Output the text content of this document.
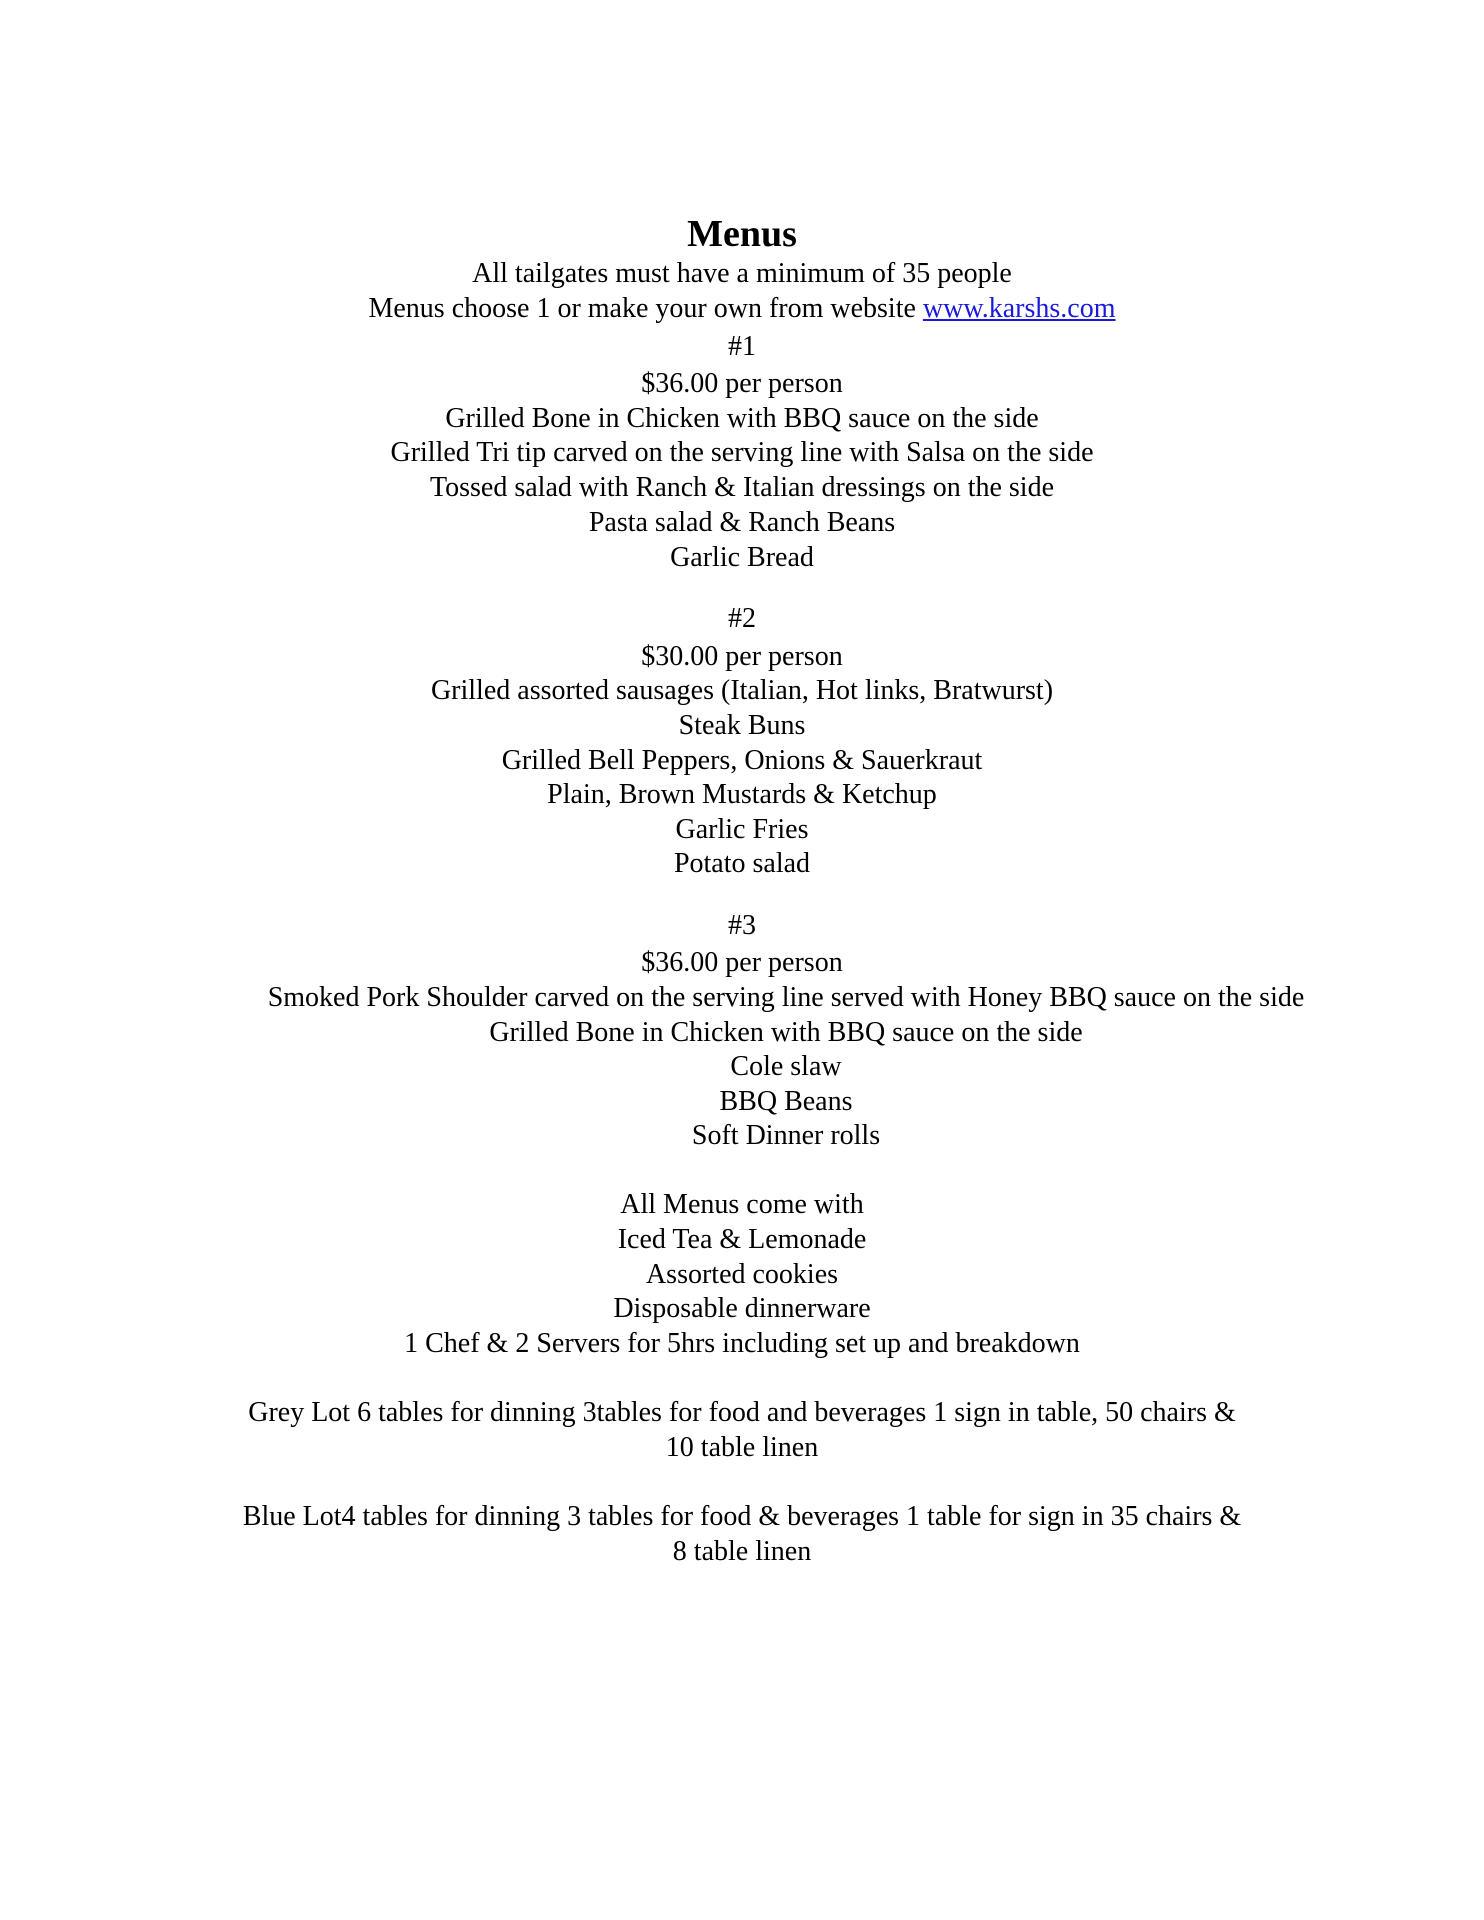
Menus
All tailgates must have a minimum of 35 people
Menus choose 1 or make your own from website www.karshs.com
#1
$36.00 per person
Grilled Bone in Chicken with BBQ sauce on the side
Grilled Tri tip carved on the serving line with Salsa on the side
Tossed salad with Ranch & Italian dressings on the side
Pasta salad & Ranch Beans
Garlic Bread
#2
$30.00 per person
Grilled assorted sausages (Italian, Hot links, Bratwurst)
Steak Buns
Grilled Bell Peppers, Onions & Sauerkraut
Plain, Brown Mustards & Ketchup
Garlic Fries
Potato salad
#3
$36.00 per person
Smoked Pork Shoulder carved on the serving line served with Honey BBQ sauce on the side
Grilled Bone in Chicken with BBQ sauce on the side
Cole slaw
BBQ Beans
Soft Dinner rolls
All Menus come with
Iced Tea & Lemonade
Assorted cookies
Disposable dinnerware
1 Chef & 2 Servers for 5hrs including set up and breakdown
Grey Lot 6 tables for dinning 3tables for food and beverages 1 sign in table, 50 chairs &
10 table linen
Blue Lot4 tables for dinning 3 tables for food & beverages 1 table for sign in 35 chairs &
8 table linen
